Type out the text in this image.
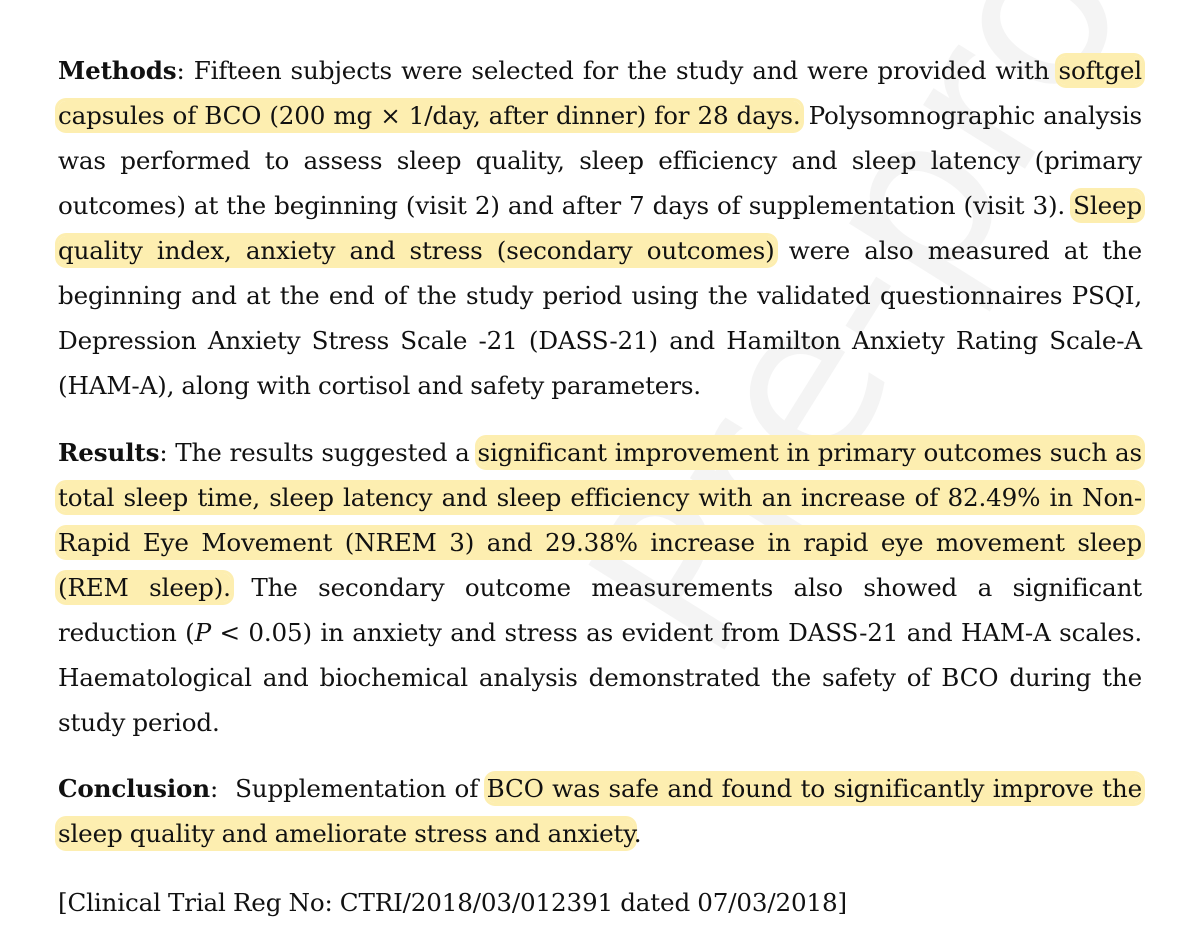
Methods: Fifteen subjects were selected for the study and were provided with softgel capsules of BCO (200 mg × 1/day, after dinner) for 28 days. Polysomnographic analysis was performed to assess sleep quality, sleep efficiency and sleep latency (primary outcomes) at the beginning (visit 2) and after 7 days of supplementation (visit 3). Sleep quality index, anxiety and stress (secondary outcomes) were also measured at the beginning and at the end of the study period using the validated questionnaires PSQI, Depression Anxiety Stress Scale -21 (DASS-21) and Hamilton Anxiety Rating Scale-A (HAM-A), along with cortisol and safety parameters.

Results: The results suggested a significant improvement in primary outcomes such as total sleep time, sleep latency and sleep efficiency with an increase of 82.49% in Non-Rapid Eye Movement (NREM 3) and 29.38% increase in rapid eye movement sleep (REM sleep). The secondary outcome measurements also showed a significant reduction (P < 0.05) in anxiety and stress as evident from DASS-21 and HAM-A scales. Haematological and biochemical analysis demonstrated the safety of BCO during the study period.

Conclusion:  Supplementation of BCO was safe and found to significantly improve the sleep quality and ameliorate stress and anxiety.

[Clinical Trial Reg No: CTRI/2018/03/012391 dated 07/03/2018]
